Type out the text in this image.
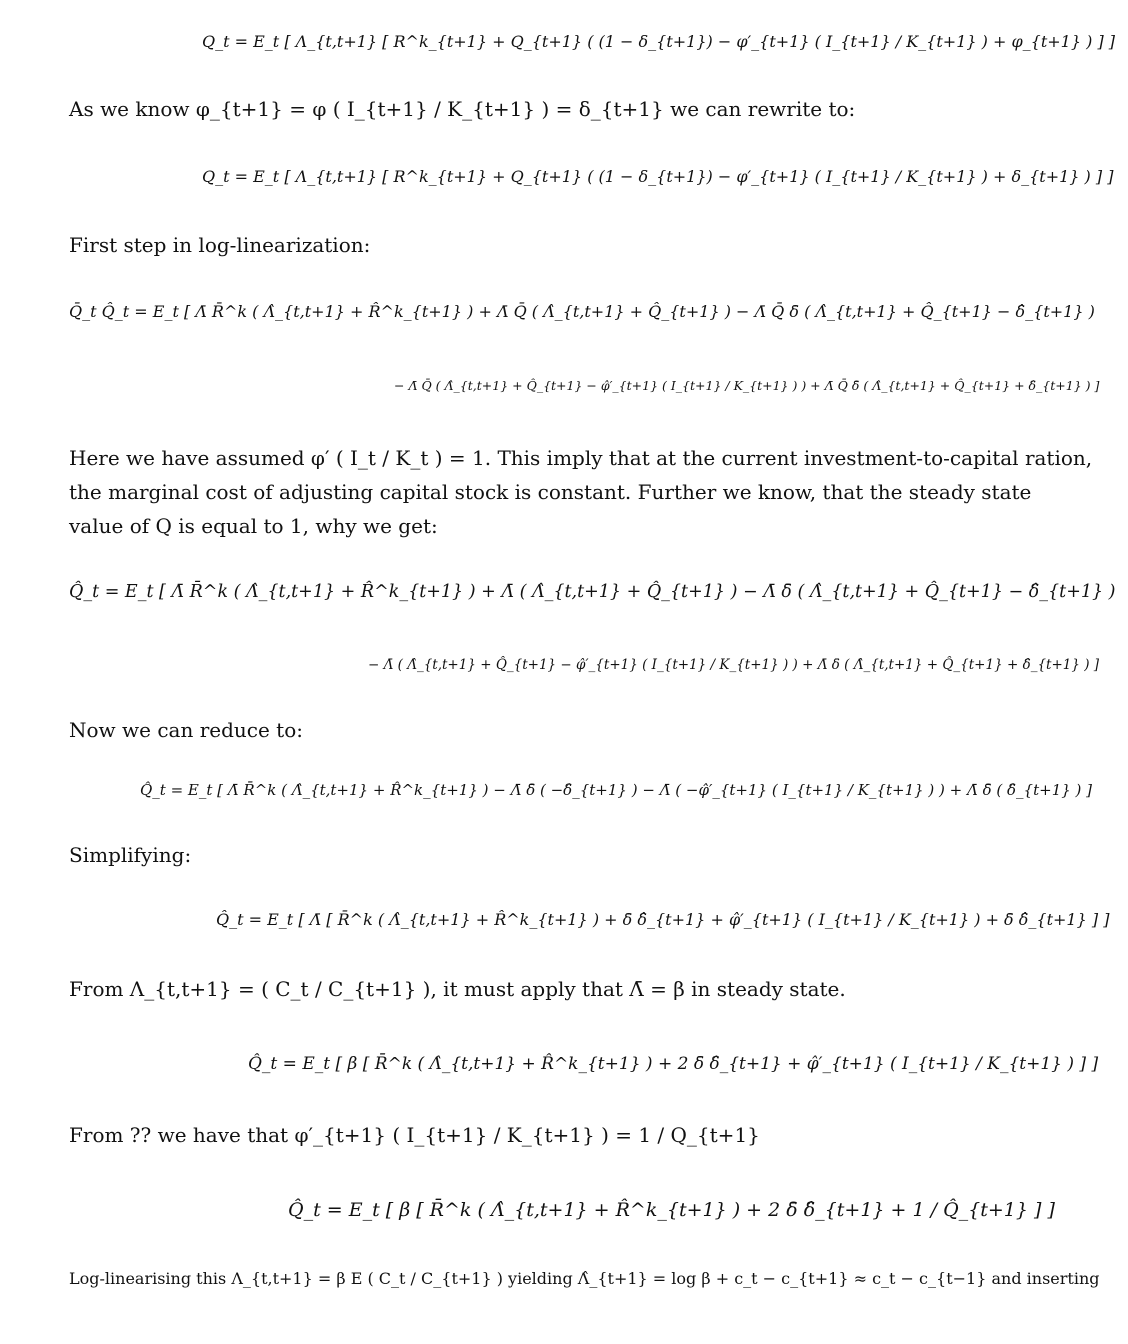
Q_t = E_t [ Λ_{t,t+1} [ R^k_{t+1} + Q_{t+1} ( (1 − δ_{t+1}) − φ′_{t+1} ( I_{t+1} / K_{t+1} ) + φ_{t+1} ) ] ]
As we know φ_{t+1} = φ ( I_{t+1} / K_{t+1} ) = δ_{t+1} we can rewrite to:
Q_t = E_t [ Λ_{t,t+1} [ R^k_{t+1} + Q_{t+1} ( (1 − δ_{t+1}) − φ′_{t+1} ( I_{t+1} / K_{t+1} ) + δ_{t+1} ) ] ]
First step in log-linearization:
Q̄_t Q̂_t = E_t [ Λ̄ R̄^k ( Λ̂_{t,t+1} + R̂^k_{t+1} ) + Λ̄ Q̄ ( Λ̂_{t,t+1} + Q̂_{t+1} ) − Λ̄ Q̄ δ̄ ( Λ̂_{t,t+1} + Q̂_{t+1} − δ̂_{t+1} )
− Λ̄ Q̄ ( Λ̂_{t,t+1} + Q̂_{t+1} − φ̂′_{t+1} ( I_{t+1} / K_{t+1} ) ) + Λ̄ Q̄ δ̄ ( Λ̂_{t,t+1} + Q̂_{t+1} + δ̂_{t+1} ) ]
Here we have assumed φ′ ( I_t / K_t ) = 1. This imply that at the current investment-to-capital ration,
the marginal cost of adjusting capital stock is constant. Further we know, that the steady state
value of Q is equal to 1, why we get:
Q̂_t = E_t [ Λ̄ R̄^k ( Λ̂_{t,t+1} + R̂^k_{t+1} ) + Λ̄ ( Λ̂_{t,t+1} + Q̂_{t+1} ) − Λ̄ δ̄ ( Λ̂_{t,t+1} + Q̂_{t+1} − δ̂_{t+1} )
− Λ̄ ( Λ̂_{t,t+1} + Q̂_{t+1} − φ̂′_{t+1} ( I_{t+1} / K_{t+1} ) ) + Λ̄ δ̄ ( Λ̂_{t,t+1} + Q̂_{t+1} + δ̂_{t+1} ) ]
Now we can reduce to:
Q̂_t = E_t [ Λ̄ R̄^k ( Λ̂_{t,t+1} + R̂^k_{t+1} ) − Λ̄ δ̄ ( −δ̂_{t+1} ) − Λ̄ ( −φ̂′_{t+1} ( I_{t+1} / K_{t+1} ) ) + Λ̄ δ̄ ( δ̂_{t+1} ) ]
Simplifying:
Q̂_t = E_t [ Λ̄ [ R̄^k ( Λ̂_{t,t+1} + R̂^k_{t+1} ) + δ̄ δ̂_{t+1} + φ̂′_{t+1} ( I_{t+1} / K_{t+1} ) + δ̄ δ̂_{t+1} ] ]
From Λ_{t,t+1} = ( C_t / C_{t+1} ), it must apply that Λ̄ = β in steady state.
Q̂_t = E_t [ β [ R̄^k ( Λ̂_{t,t+1} + R̂^k_{t+1} ) + 2 δ̄ δ̂_{t+1} + φ̂′_{t+1} ( I_{t+1} / K_{t+1} ) ] ]
From ?? we have that φ′_{t+1} ( I_{t+1} / K_{t+1} ) = 1 / Q_{t+1}
Q̂_t = E_t [ β [ R̄^k ( Λ̂_{t,t+1} + R̂^k_{t+1} ) + 2 δ̄ δ̂_{t+1} + 1 / Q̂_{t+1} ] ]
Log-linearising this Λ_{t,t+1} = β E ( C_t / C_{t+1} ) yielding Λ̂_{t+1} = log β + c_t − c_{t+1} ≈ c_t − c_{t−1} and inserting
